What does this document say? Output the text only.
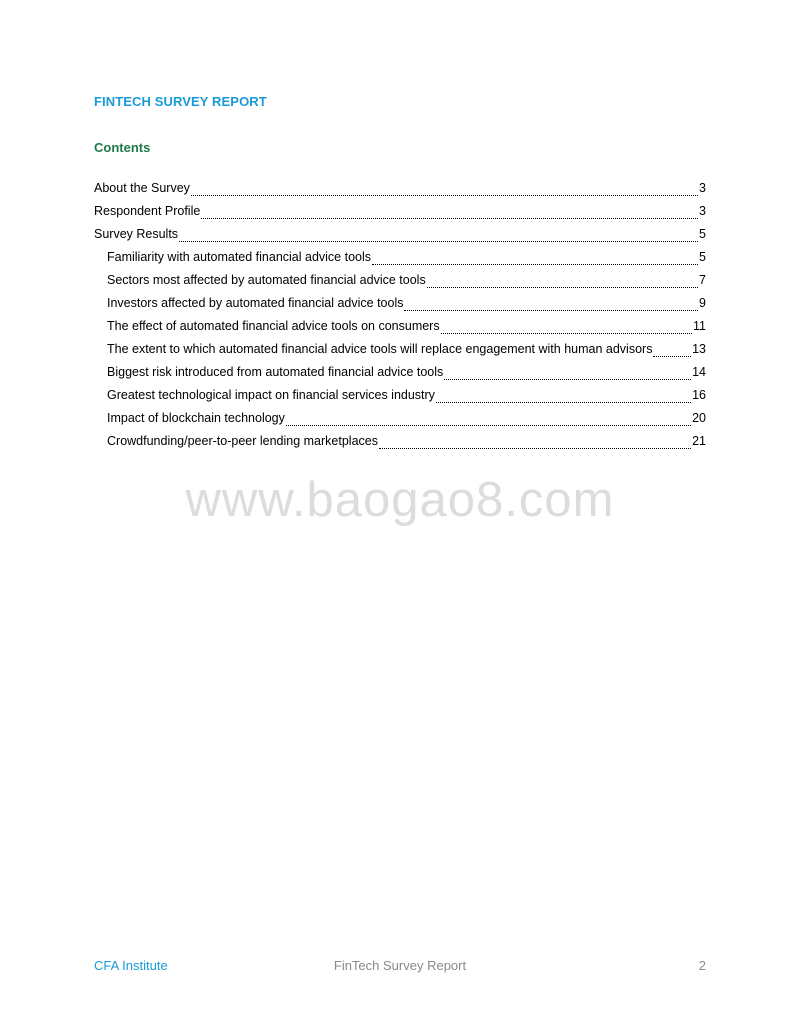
FINTECH SURVEY REPORT
Contents
About the Survey	3
Respondent Profile	3
Survey Results	5
Familiarity with automated financial advice tools	5
Sectors most affected by automated financial advice tools	7
Investors affected by automated financial advice tools	9
The effect of automated financial advice tools on consumers	11
The extent to which automated financial advice tools will replace engagement with human advisors	13
Biggest risk introduced from automated financial advice tools	14
Greatest technological impact on financial services industry	16
Impact of blockchain technology	20
Crowdfunding/peer-to-peer lending marketplaces	21
www.baogao8.com
CFA Institute	FinTech Survey Report	2
